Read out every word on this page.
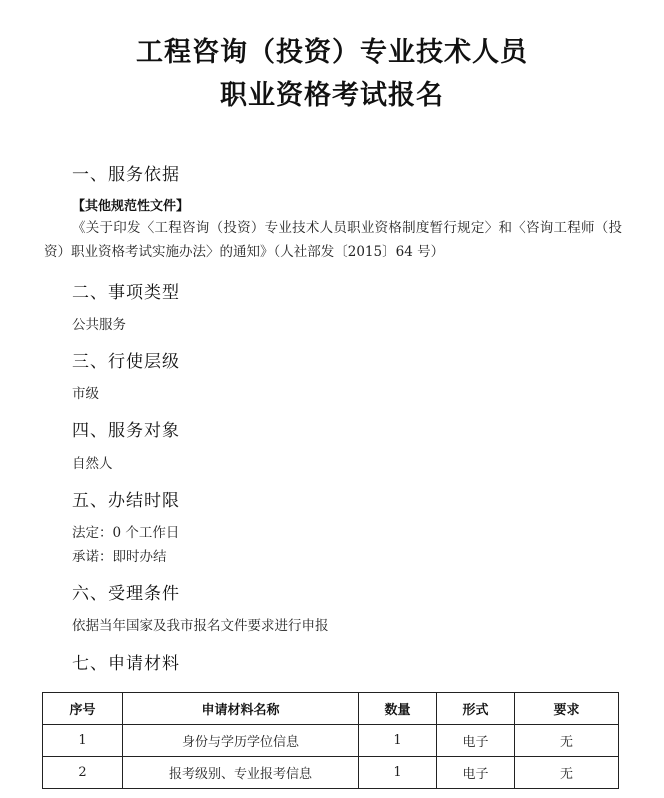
工程咨询（投资）专业技术人员
职业资格考试报名
一、服务依据
【其他规范性文件】
《关于印发〈工程咨询（投资）专业技术人员职业资格制度暂行规定〉和〈咨询工程师（投资）职业资格考试实施办法〉的通知》（人社部发〔2015〕64 号）
二、事项类型
公共服务
三、行使层级
市级
四、服务对象
自然人
五、办结时限
法定：0 个工作日
承诺：即时办结
六、受理条件
依据当年国家及我市报名文件要求进行申报
七、申请材料
序号	申请材料名称	数量	形式	要求
1	身份与学历学位信息	1	电子	无
2	报考级别、专业报考信息	1	电子	无
